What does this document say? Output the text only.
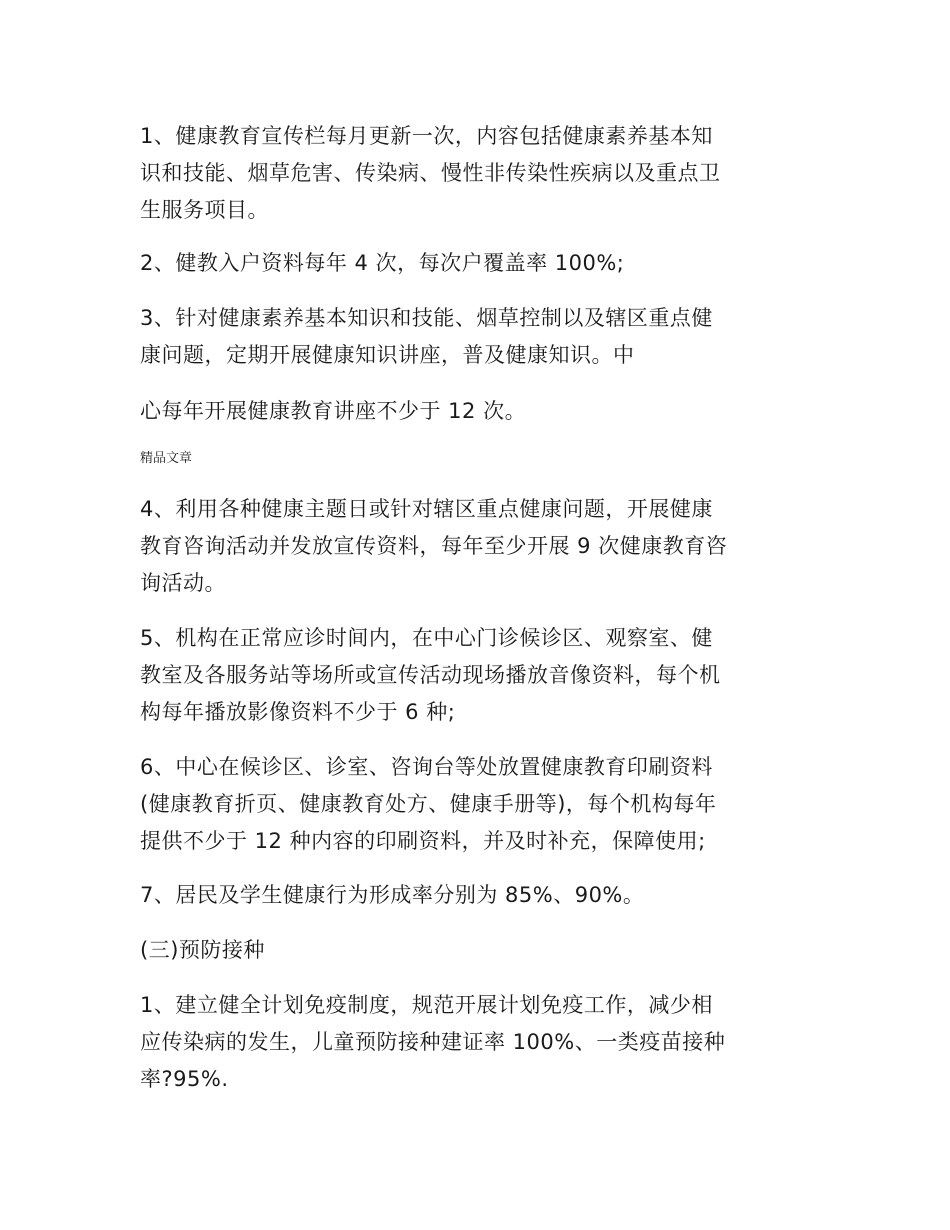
1、健康教育宣传栏每月更新一次，内容包括健康素养基本知
识和技能、烟草危害、传染病、慢性非传染性疾病以及重点卫
生服务项目。

2、健教入户资料每年 4 次，每次户覆盖率 100%;

3、针对健康素养基本知识和技能、烟草控制以及辖区重点健
康问题，定期开展健康知识讲座，普及健康知识。中

心每年开展健康教育讲座不少于 12 次。

精品文章

4、利用各种健康主题日或针对辖区重点健康问题，开展健康
教育咨询活动并发放宣传资料，每年至少开展 9 次健康教育咨
询活动。

5、机构在正常应诊时间内，在中心门诊候诊区、观察室、健
教室及各服务站等场所或宣传活动现场播放音像资料，每个机
构每年播放影像资料不少于 6 种;

6、中心在候诊区、诊室、咨询台等处放置健康教育印刷资料
(健康教育折页、健康教育处方、健康手册等)，每个机构每年
提供不少于 12 种内容的印刷资料，并及时补充，保障使用;

7、居民及学生健康行为形成率分别为 85%、90%。

(三)预防接种

1、建立健全计划免疫制度，规范开展计划免疫工作，减少相
应传染病的发生，儿童预防接种建证率 100%、一类疫苗接种
率?95%.
